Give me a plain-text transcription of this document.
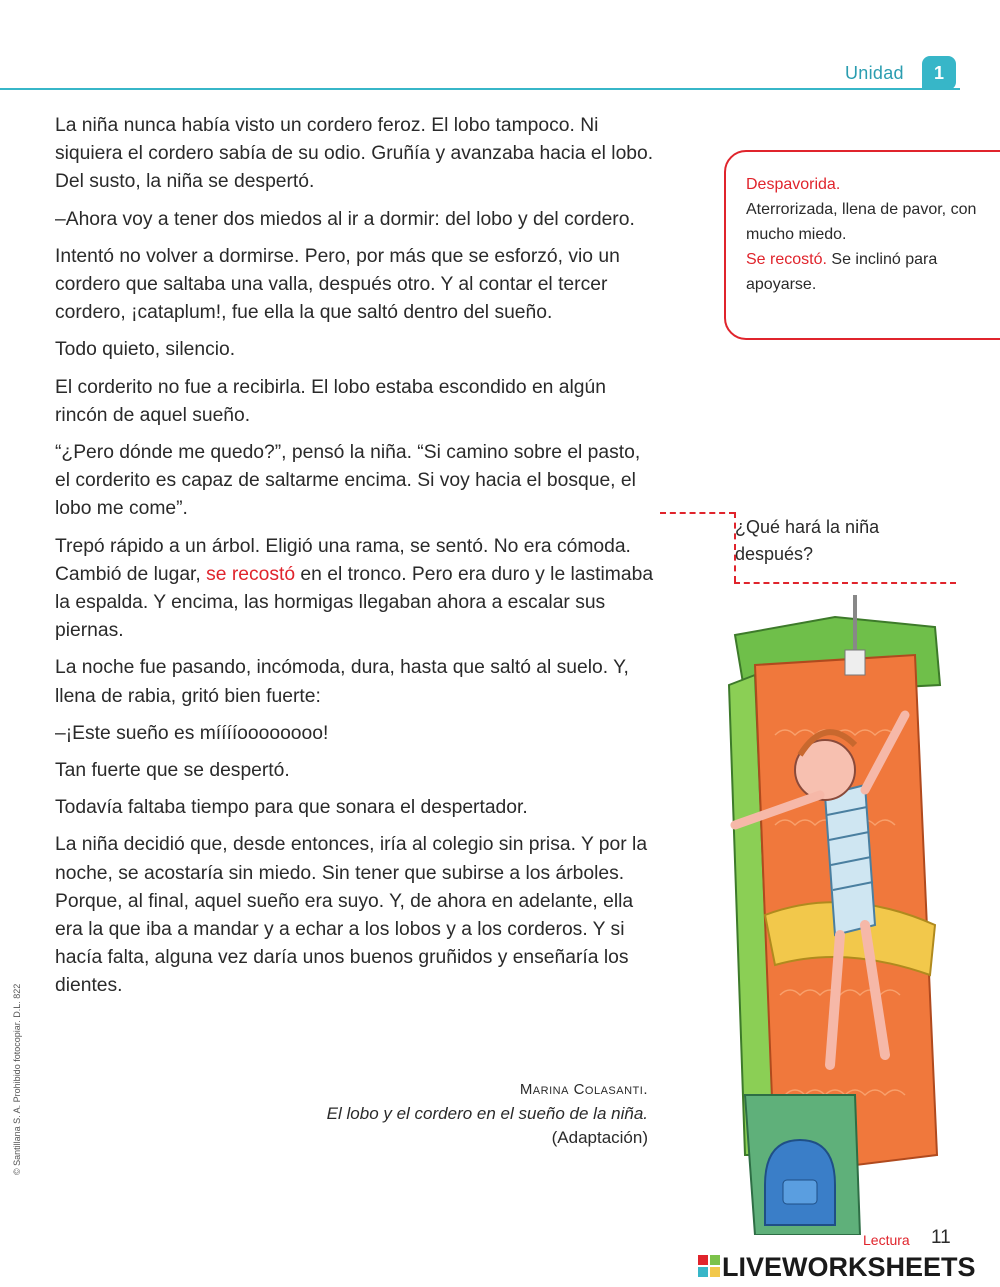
Unidad	1

La niña nunca había visto un cordero feroz. El lobo tampoco. Ni siquiera el cordero sabía de su odio. Gruñía y avanzaba hacia el lobo. Del susto, la niña se despertó.

–Ahora voy a tener dos miedos al ir a dormir: del lobo y del cordero.

Intentó no volver a dormirse. Pero, por más que se esforzó, vio un cordero que saltaba una valla, después otro. Y al contar el tercer cordero, ¡cataplum!, fue ella la que saltó dentro del sueño.

Todo quieto, silencio.

El corderito no fue a recibirla. El lobo estaba escondido en algún rincón de aquel sueño.

“¿Pero dónde me quedo?”, pensó la niña. “Si camino sobre el pasto, el corderito es capaz de saltarme encima. Si voy hacia el bosque, el lobo me come”.

Trepó rápido a un árbol. Eligió una rama, se sentó. No era cómoda. Cambió de lugar, se recostó en el tronco. Pero era duro y le lastimaba la espalda. Y encima, las hormigas llegaban ahora a escalar sus piernas.

La noche fue pasando, incómoda, dura, hasta que saltó al suelo. Y, llena de rabia, gritó bien fuerte:

–¡Este sueño es mííííoooooooo!

Tan fuerte que se despertó.

Todavía faltaba tiempo para que sonara el despertador.

La niña decidió que, desde entonces, iría al colegio sin prisa. Y por la noche, se acostaría sin miedo. Sin tener que subirse a los árboles. Porque, al final, aquel sueño era suyo. Y, de ahora en adelante, ella era la que iba a mandar y a echar a los lobos y a los corderos. Y si hacía falta, alguna vez daría unos buenos gruñidos y enseñaría los dientes.

Marina Colasanti.
El lobo y el cordero en el sueño de la niña.
(Adaptación)
Despavorida.
Aterrorizada, llena de pavor, con mucho miedo.
Se recostó. Se inclinó para apoyarse.
¿Qué hará la niña después?
© Santillana S. A. Prohibido fotocopiar. D.L. 822
Lectura 11
LIVEWORKSHEETS
